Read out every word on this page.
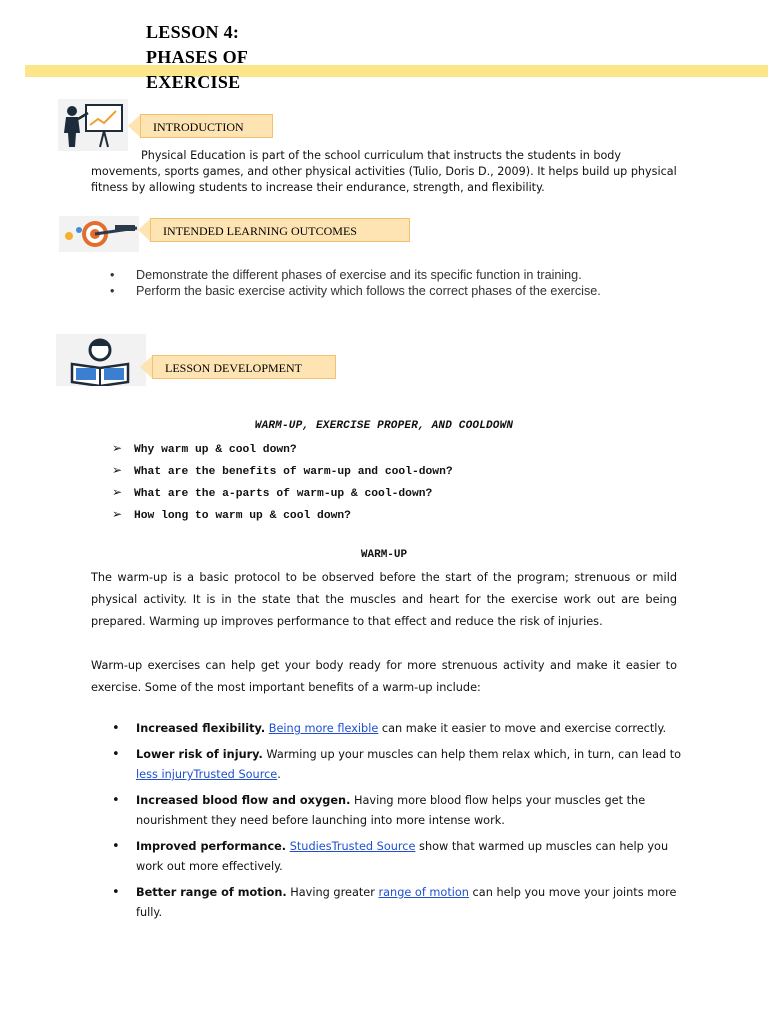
LESSON 4:
PHASES OF
EXERCISE
INTRODUCTION

Physical Education is part of the school curriculum that instructs the students in body movements, sports games, and other physical activities (Tulio, Doris D., 2009). It helps build up physical fitness by allowing students to increase their endurance, strength, and flexibility.

INTENDED LEARNING OUTCOMES
• Demonstrate the different phases of exercise and its specific function in training.
• Perform the basic exercise activity which follows the correct phases of the exercise.
LESSON DEVELOPMENT
WARM-UP, EXERCISE PROPER, AND COOLDOWN
➢ Why warm up & cool down?
➢ What are the benefits of warm-up and cool-down?
➢ What are the a-parts of warm-up & cool-down?
➢ How long to warm up & cool down?
WARM-UP

The warm-up is a basic protocol to be observed before the start of the program; strenuous or mild physical activity. It is in the state that the muscles and heart for the exercise work out are being prepared. Warming up improves performance to that effect and reduce the risk of injuries.

Warm-up exercises can help get your body ready for more strenuous activity and make it easier to exercise. Some of the most important benefits of a warm-up include:

• Increased flexibility. Being more flexible can make it easier to move and exercise correctly.
• Lower risk of injury. Warming up your muscles can help them relax which, in turn, can lead to less injuryTrusted Source.
• Increased blood flow and oxygen. Having more blood flow helps your muscles get the nourishment they need before launching into more intense work.
• Improved performance. StudiesTrusted Source show that warmed up muscles can help you work out more effectively.
• Better range of motion. Having greater range of motion can help you move your joints more fully.
